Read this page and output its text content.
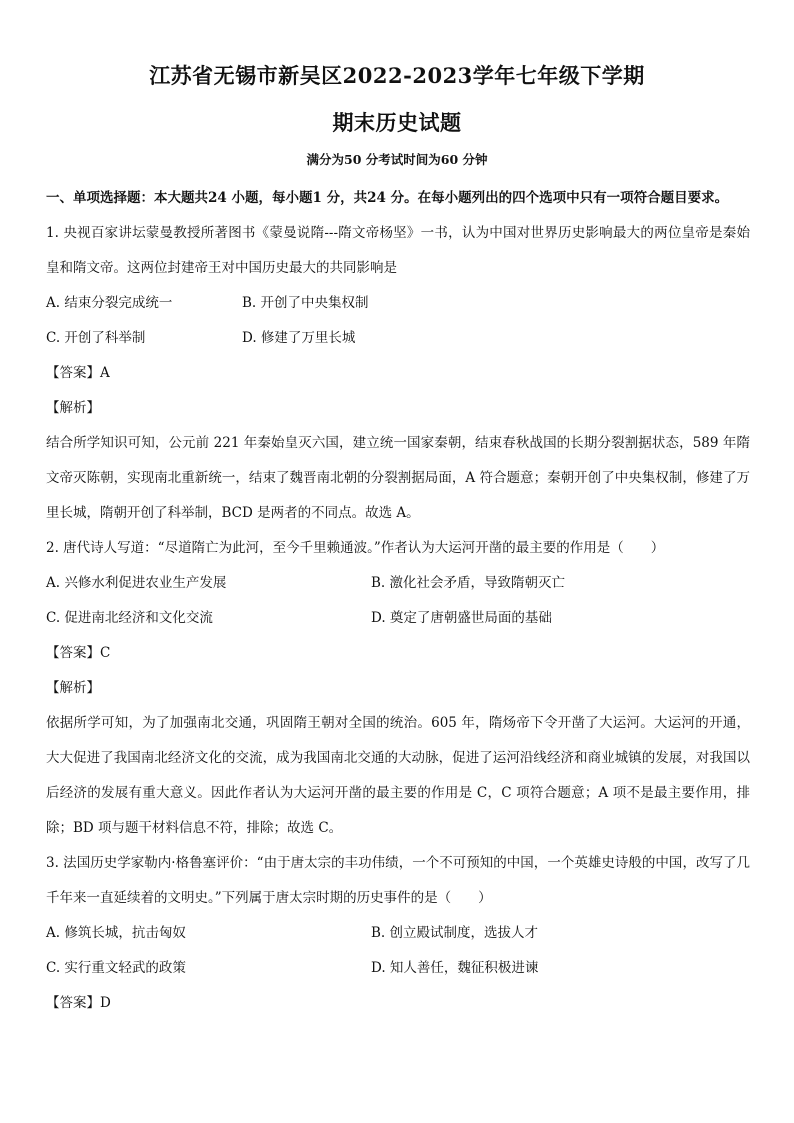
江苏省无锡市新吴区2022-2023学年七年级下学期
期末历史试题
满分为50 分考试时间为60 分钟

一、单项选择题：本大题共24 小题，每小题1 分，共24 分。在每小题列出的四个选项中只有一项符合题目要求。

1. 央视百家讲坛蒙曼教授所著图书《蒙曼说隋---隋文帝杨坚》一书，认为中国对世界历史影响最大的两位皇帝是秦始皇和隋文帝。这两位封建帝王对中国历史最大的共同影响是

A. 结束分裂完成统一	B. 开创了中央集权制
C. 开创了科举制	D. 修建了万里长城

【答案】A

【解析】

结合所学知识可知，公元前 221 年秦始皇灭六国，建立统一国家秦朝，结束春秋战国的长期分裂割据状态，589 年隋文帝灭陈朝，实现南北重新统一，结束了魏晋南北朝的分裂割据局面，A 符合题意；秦朝开创了中央集权制，修建了万里长城，隋朝开创了科举制，BCD 是两者的不同点。故选 A。

2. 唐代诗人写道：“尽道隋亡为此河，至今千里赖通波。”作者认为大运河开凿的最主要的作用是（　　）

A. 兴修水利促进农业生产发展	B. 激化社会矛盾，导致隋朝灭亡
C. 促进南北经济和文化交流	D. 奠定了唐朝盛世局面的基础

【答案】C

【解析】

依据所学可知，为了加强南北交通，巩固隋王朝对全国的统治。605 年，隋炀帝下令开凿了大运河。大运河的开通，大大促进了我国南北经济文化的交流，成为我国南北交通的大动脉，促进了运河沿线经济和商业城镇的发展，对我国以后经济的发展有重大意义。因此作者认为大运河开凿的最主要的作用是 C，C 项符合题意；A 项不是最主要作用，排除；BD 项与题干材料信息不符，排除；故选 C。

3. 法国历史学家勒内·格鲁塞评价：“由于唐太宗的丰功伟绩，一个不可预知的中国，一个英雄史诗般的中国，改写了几千年来一直延续着的文明史。”下列属于唐太宗时期的历史事件的是（　　）

A. 修筑长城，抗击匈奴	B. 创立殿试制度，选拔人才
C. 实行重文轻武的政策	D. 知人善任，魏征积极进谏

【答案】D
